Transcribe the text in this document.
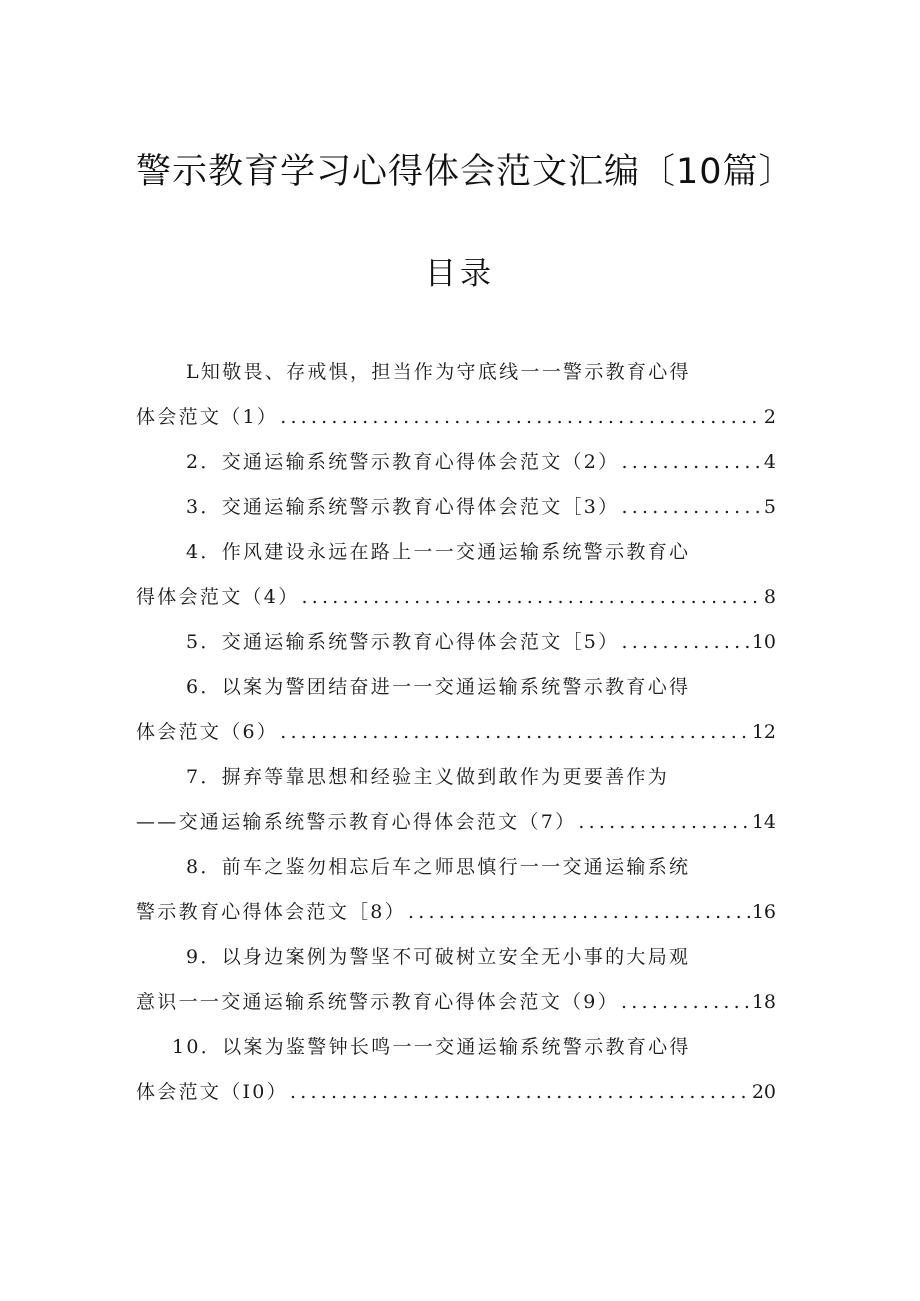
警示教育学习心得体会范文汇编〔10篇〕
目录
L知敬畏、存戒惧，担当作为守底线一一警示教育心得
体会范文（1） .....	2
2．交通运输系统警示教育心得体会范文（2） .....	4
3．交通运输系统警示教育心得体会范文［3） .....	5
4．作风建设永远在路上一一交通运输系统警示教育心
得体会范文（4） .....	8
5．交通运输系统警示教育心得体会范文［5） .....	10
6．以案为警团结奋进一一交通运输系统警示教育心得
体会范文（6） .....	12
7．摒弃等靠思想和经验主义做到敢作为更要善作为
——交通运输系统警示教育心得体会范文（7） .....	14
8．前车之鉴勿相忘后车之师思慎行一一交通运输系统
警示教育心得体会范文［8） .....	16
9．以身边案例为警坚不可破树立安全无小事的大局观
意识一一交通运输系统警示教育心得体会范文（9） .....	18
10．以案为鉴警钟长鸣一一交通运输系统警示教育心得
体会范文（I0） .....	20
